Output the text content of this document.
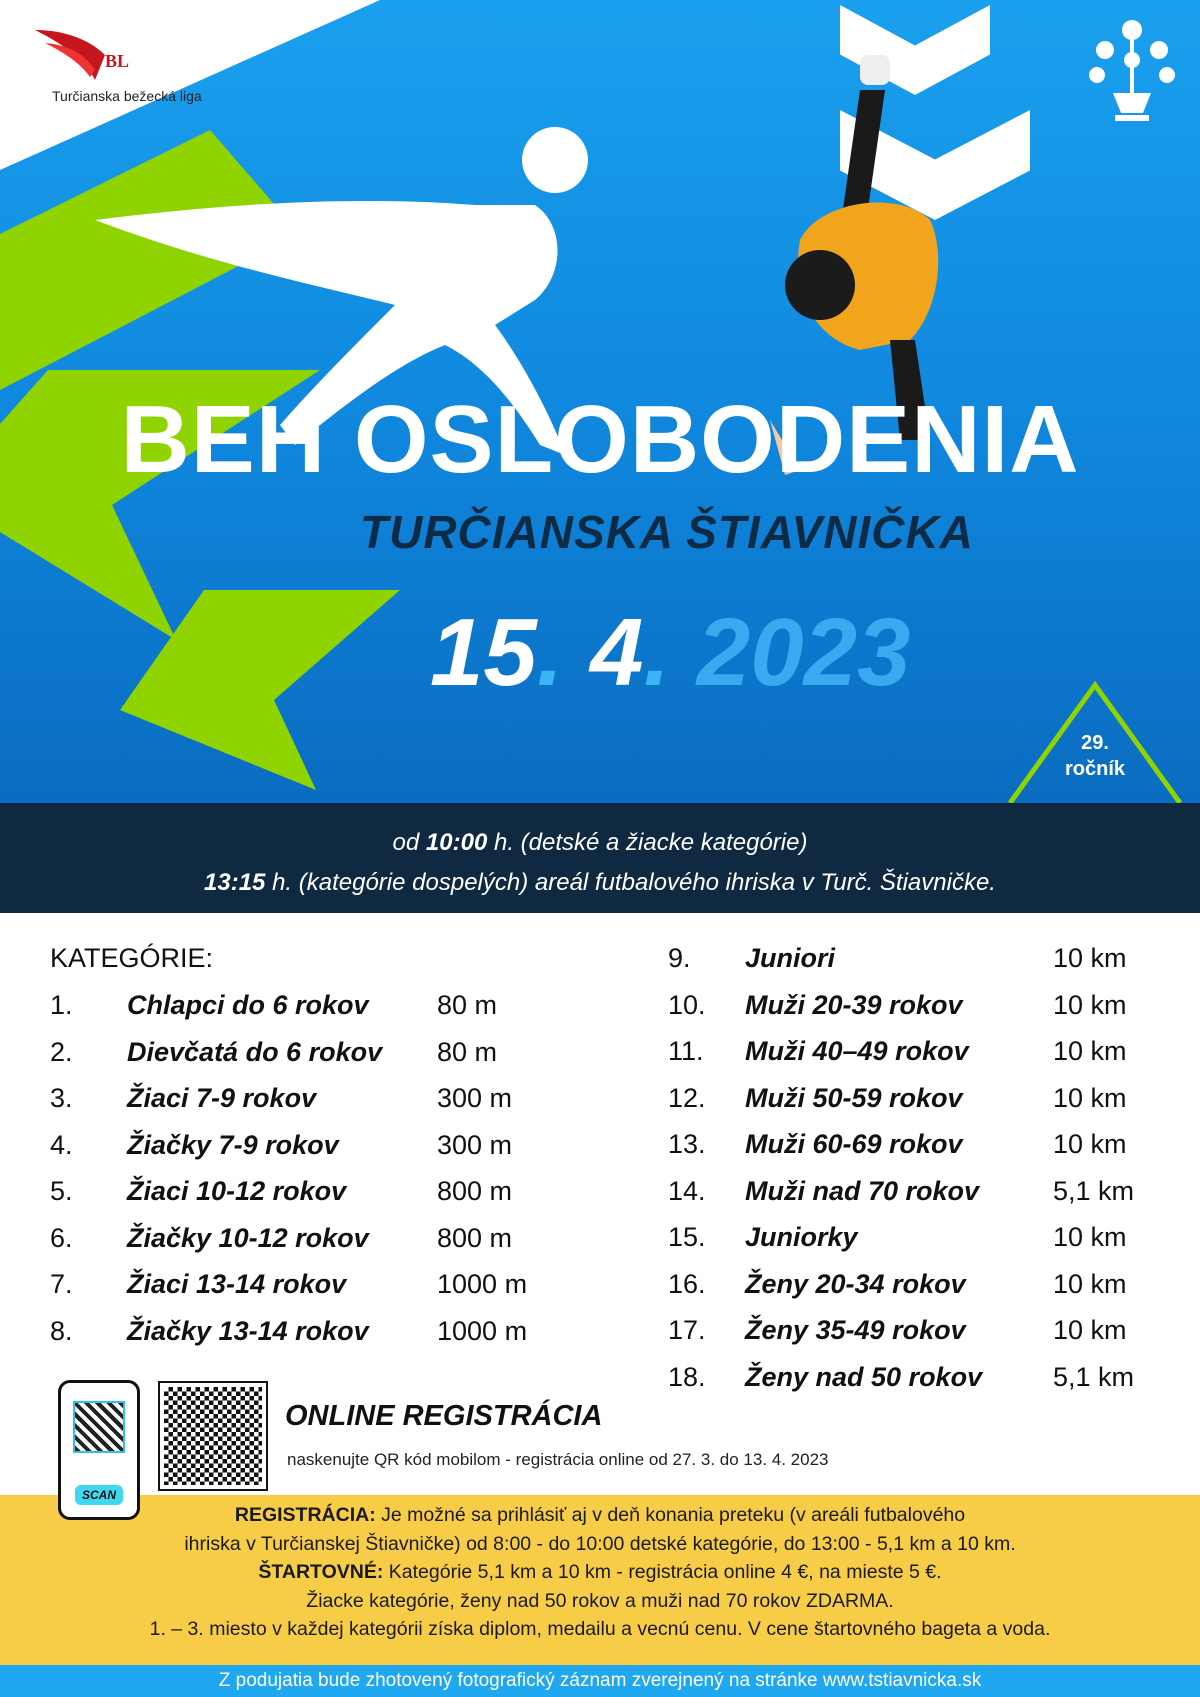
BL
Turčianska bežecká liga
BEH OSLOBODENIA
TURČIANSKA ŠTIAVNIČKA
15. 4. 2023
29.
ročník
od 10:00 h. (detské a žiacke kategórie)
13:15 h. (kategórie dospelých) areál futbalového ihriska v Turč. Štiavničke.
KATEGÓRIE:
1. Chlapci do 6 rokov	80 m
2. Dievčatá do 6 rokov 80 m
3. Žiaci 7-9 rokov	300 m
4. Žiačky 7-9 rokov	300 m
5. Žiaci 10-12 rokov	800 m
6. Žiačky 10-12 rokov	800 m
7. Žiaci 13-14 rokov	1000 m
8. Žiačky 13-14 rokov	1000 m
9. Juniori	10 km
10. Muži 20-39 rokov	10 km
11. Muži 40–49 rokov	10 km
12. Muži 50-59 rokov	10 km
13. Muži 60-69 rokov	10 km
14. Muži nad 70 rokov	5,1 km
15. Juniorky	10 km
16. Ženy 20-34 rokov	10 km
17. Ženy 35-49 rokov	10 km
18. Ženy nad 50 rokov	5,1 km
REGISTRÁCIA: Je možné sa prihlásiť aj v deň konania preteku (v areáli futbalového
ihriska v Turčianskej Štiavničke) od 8:00 - do 10:00 detské kategórie, do 13:00 - 5,1 km a 10 km.
ŠTARTOVNÉ: Kategórie 5,1 km a 10 km - registrácia online 4 €, na mieste 5 €.
Žiacke kategórie, ženy nad 50 rokov a muži nad 70 rokov ZDARMA.
1. – 3. miesto v každej kategórii získa diplom, medailu a vecnú cenu. V cene štartovného bageta a voda.
SCAN
ONLINE REGISTRÁCIA
naskenujte QR kód mobilom - registrácia online od 27. 3. do 13. 4. 2023
Z podujatia bude zhotovený fotografický záznam zverejnený na stránke www.tstiavnicka.sk
